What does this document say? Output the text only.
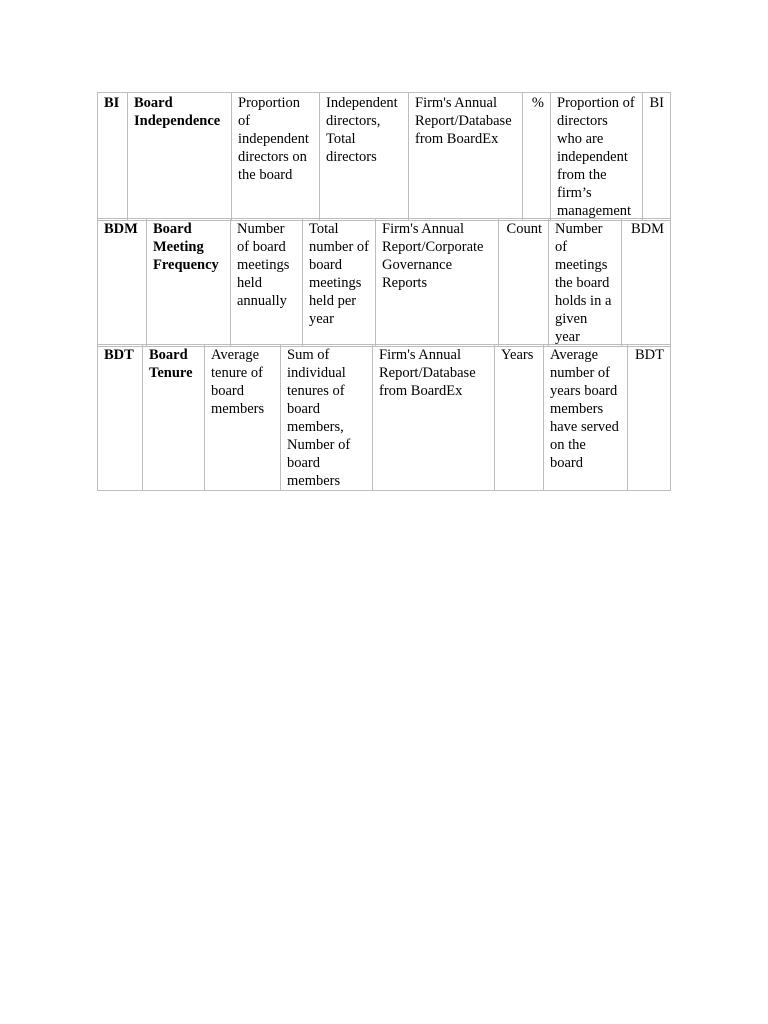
BI	Board Independence	Proportion of independent directors on the board	Independent directors, Total directors	Firm's Annual Report/Database from BoardEx	%	Proportion of directors who are independent from the firm’s management	BI
BDM	Board Meeting Frequency	Number of board meetings held annually	Total number of board meetings held per year	Firm's Annual Report/Corporate Governance Reports	Count	Number of meetings the board holds in a given year	BDM
BDT	Board Tenure	Average tenure of board members	Sum of individual tenures of board members, Number of board members	Firm's Annual Report/Database from BoardEx	Years	Average number of years board members have served on the board	BDT
